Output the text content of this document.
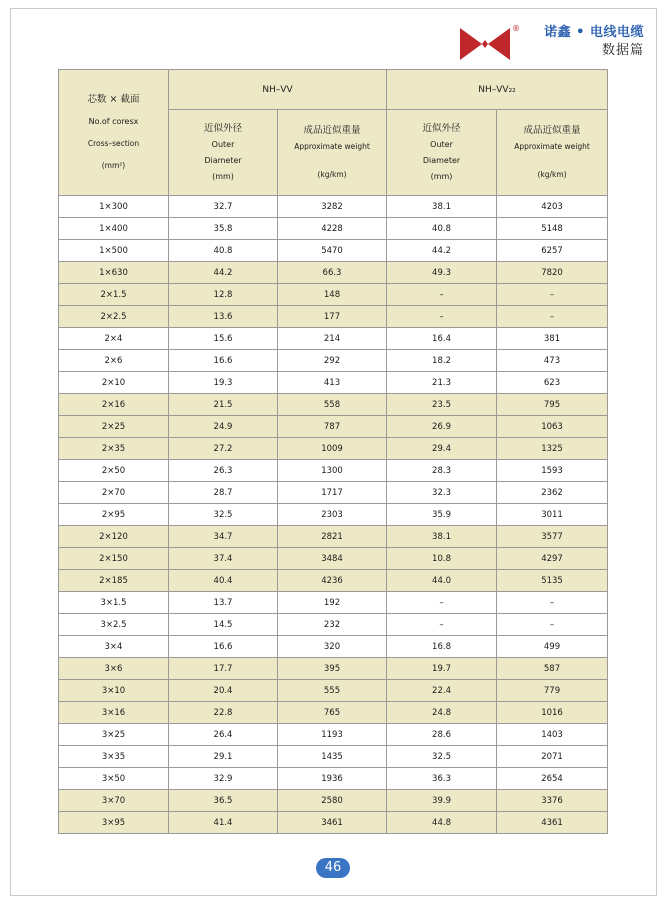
®	诺鑫 • 电线电缆
数据篇
芯数 × 截面
No.of coresx
Cross–section
(mm²)	NH–VV		NH–VV₂₂	

	近似外径
Outer
Diameter
(mm)	成品近似重量
Approximate weight
(kg/km)	近似外径
Outer
Diameter
(mm)	成品近似重量
Approximate weight
(kg/km)

1×300	32.7	3282	38.1	4203
1×400	35.8	4228	40.8	5148
1×500	40.8	5470	44.2	6257
1×630	44.2	66.3	49.3	7820
2×1.5	12.8	148	–	–
2×2.5	13.6	177	–	–
2×4	15.6	214	16.4	381
2×6	16.6	292	18.2	473
2×10	19.3	413	21.3	623
2×16	21.5	558	23.5	795
2×25	24.9	787	26.9	1063
2×35	27.2	1009	29.4	1325
2×50	26.3	1300	28.3	1593
2×70	28.7	1717	32.3	2362
2×95	32.5	2303	35.9	3011
2×120	34.7	2821	38.1	3577
2×150	37.4	3484	10.8	4297
2×185	40.4	4236	44.0	5135
3×1.5	13.7	192	–	–
3×2.5	14.5	232	–	–
3×4	16.6	320	16.8	499
3×6	17.7	395	19.7	587
3×10	20.4	555	22.4	779
3×16	22.8	765	24.8	1016
3×25	26.4	1193	28.6	1403
3×35	29.1	1435	32.5	2071
3×50	32.9	1936	36.3	2654
3×70	36.5	2580	39.9	3376
3×95	41.4	3461	44.8	4361
46
